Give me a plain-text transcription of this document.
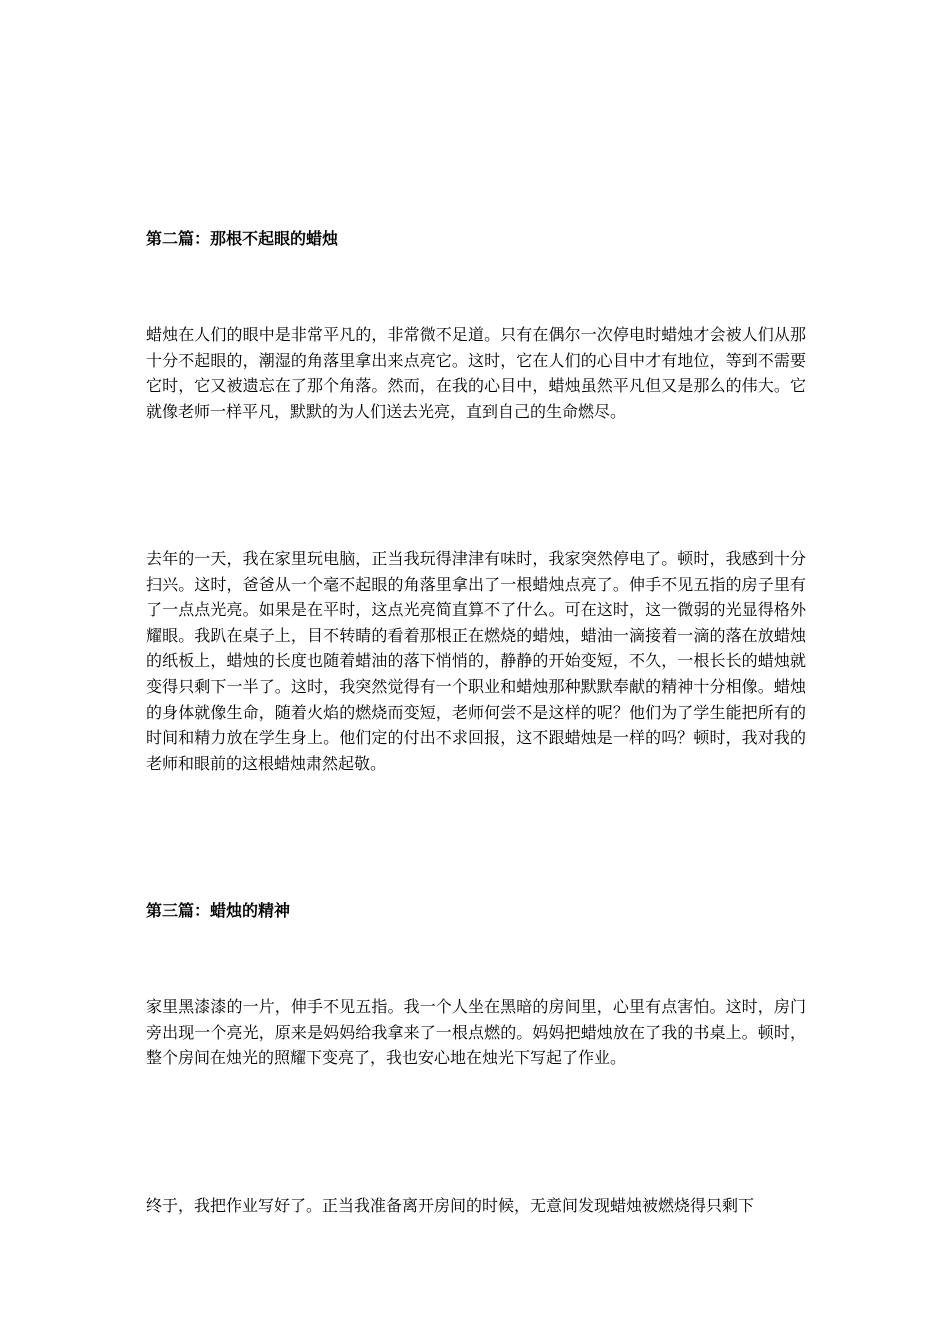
第二篇：那根不起眼的蜡烛

蜡烛在人们的眼中是非常平凡的，非常微不足道。只有在偶尔一次停电时蜡烛才会被人们从那十分不起眼的，潮湿的角落里拿出来点亮它。这时，它在人们的心目中才有地位，等到不需要它时，它又被遗忘在了那个角落。然而，在我的心目中，蜡烛虽然平凡但又是那么的伟大。它就像老师一样平凡，默默的为人们送去光亮，直到自己的生命燃尽。

去年的一天，我在家里玩电脑，正当我玩得津津有味时，我家突然停电了。顿时，我感到十分扫兴。这时，爸爸从一个毫不起眼的角落里拿出了一根蜡烛点亮了。伸手不见五指的房子里有了一点点光亮。如果是在平时，这点光亮简直算不了什么。可在这时，这一微弱的光显得格外耀眼。我趴在桌子上，目不转睛的看着那根正在燃烧的蜡烛，蜡油一滴接着一滴的落在放蜡烛的纸板上，蜡烛的长度也随着蜡油的落下悄悄的，静静的开始变短，不久，一根长长的蜡烛就变得只剩下一半了。这时，我突然觉得有一个职业和蜡烛那种默默奉献的精神十分相像。蜡烛的身体就像生命，随着火焰的燃烧而变短，老师何尝不是这样的呢？他们为了学生能把所有的时间和精力放在学生身上。他们定的付出不求回报，这不跟蜡烛是一样的吗？顿时，我对我的老师和眼前的这根蜡烛肃然起敬。

第三篇：蜡烛的精神

家里黑漆漆的一片，伸手不见五指。我一个人坐在黑暗的房间里，心里有点害怕。这时，房门旁出现一个亮光，原来是妈妈给我拿来了一根点燃的。妈妈把蜡烛放在了我的书桌上。顿时，整个房间在烛光的照耀下变亮了，我也安心地在烛光下写起了作业。

终于，我把作业写好了。正当我准备离开房间的时候，无意间发现蜡烛被燃烧得只剩下
